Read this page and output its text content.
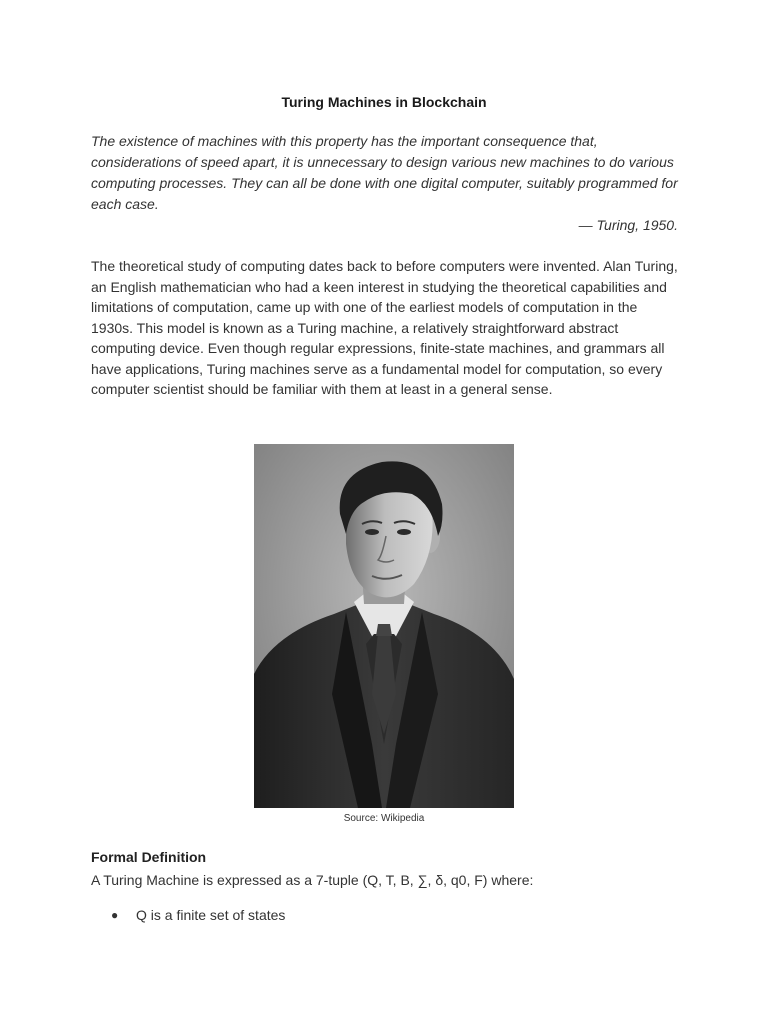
Turing Machines in Blockchain

The existence of machines with this property has the important consequence that, considerations of speed apart, it is unnecessary to design various new machines to do various computing processes. They can all be done with one digital computer, suitably programmed for each case.

— Turing, 1950.

The theoretical study of computing dates back to before computers were invented. Alan Turing, an English mathematician who had a keen interest in studying the theoretical capabilities and limitations of computation, came up with one of the earliest models of computation in the 1930s. This model is known as a Turing machine, a relatively straightforward abstract computing device. Even though regular expressions, finite-state machines, and grammars all have applications, Turing machines serve as a fundamental model for computation, so every computer scientist should be familiar with them at least in a general sense.

Source: Wikipedia
Formal Definition
A Turing Machine is expressed as a 7-tuple (Q, T, B, ∑, δ, q0, F) where:
● Q is a finite set of states
